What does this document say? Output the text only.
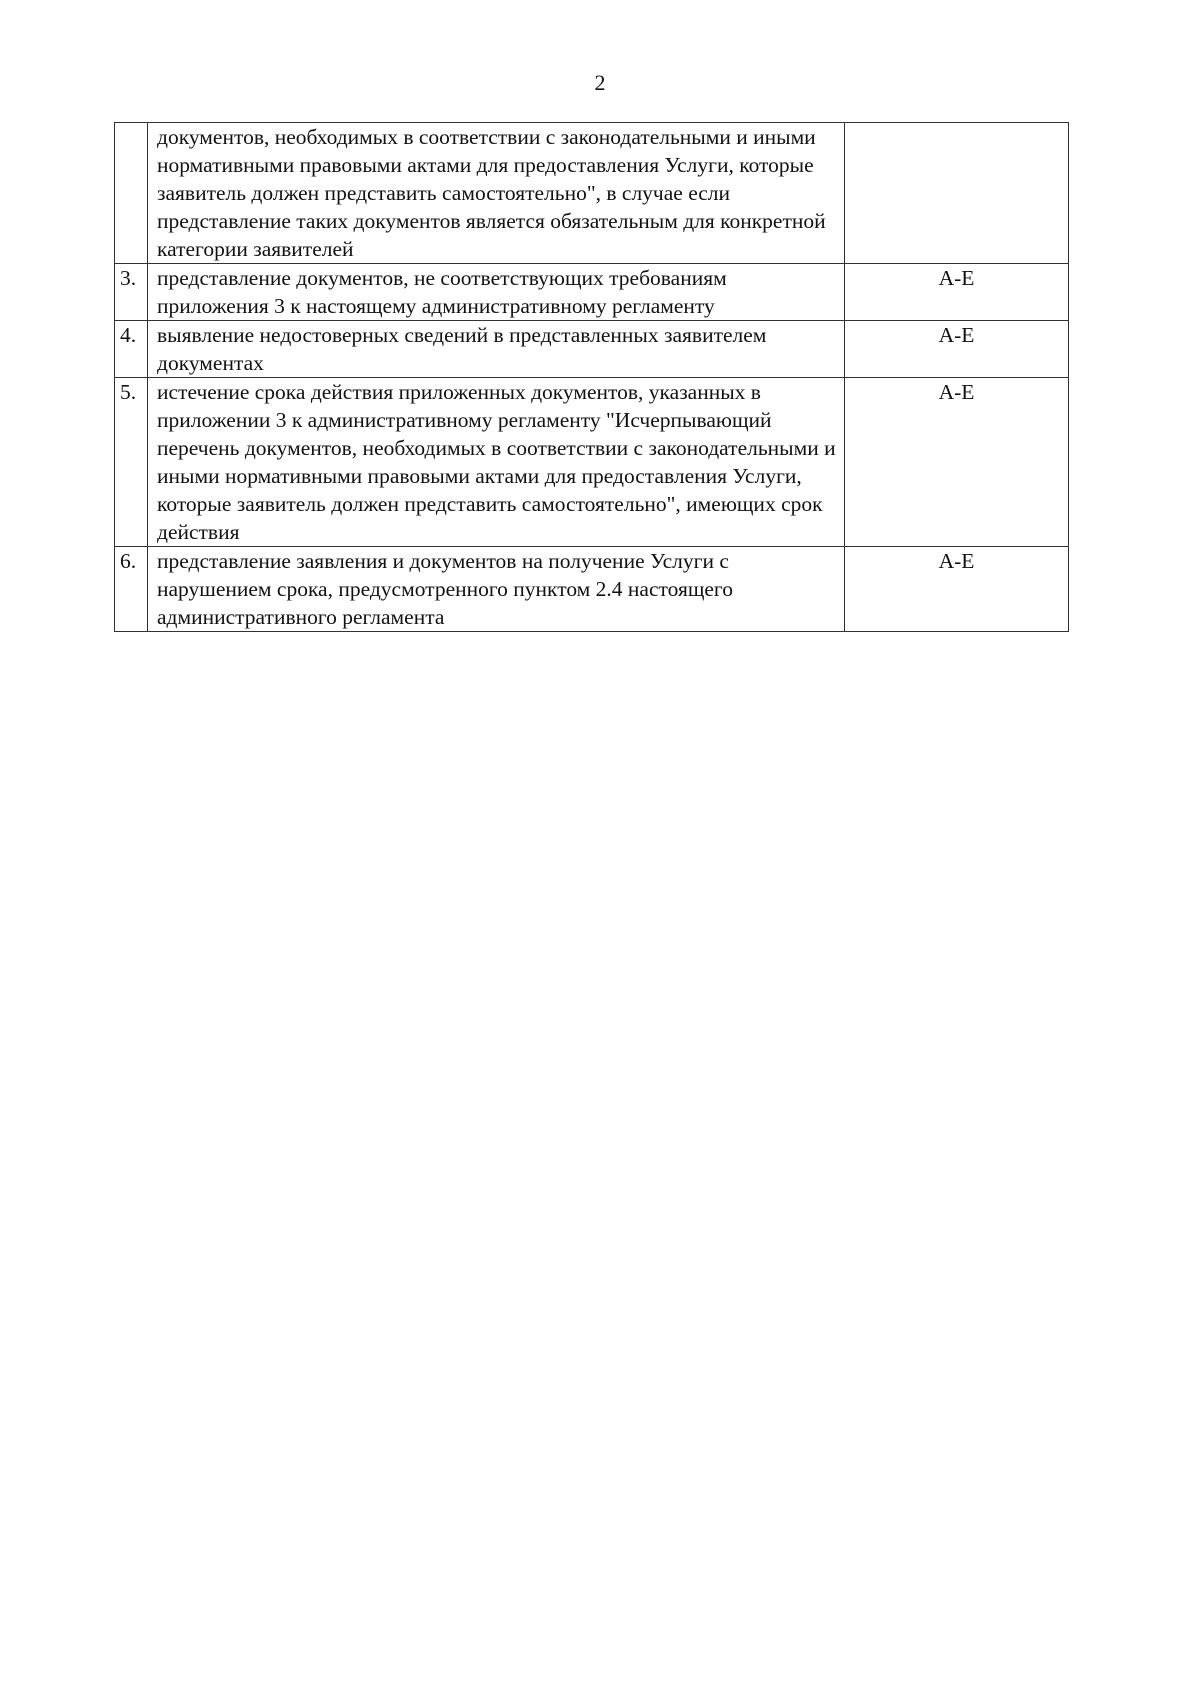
2
	документов, необходимых в соответствии с законодательными и иными нормативными правовыми актами для предоставления Услуги, которые заявитель должен представить самостоятельно", в случае если представление таких документов является обязательным для конкретной категории заявителей	
3.	представление документов, не соответствующих требованиям приложения 3 к настоящему административному регламенту	А-Е
4.	выявление недостоверных сведений в представленных заявителем документах	А-Е
5.	истечение срока действия приложенных документов, указанных в приложении 3 к административному регламенту "Исчерпывающий перечень документов, необходимых в соответствии с законодательными и иными нормативными правовыми актами для предоставления Услуги, которые заявитель должен представить самостоятельно", имеющих срок действия	А-Е
6.	представление заявления и документов на получение Услуги с нарушением срока, предусмотренного пунктом 2.4 настоящего административного регламента	А-Е
